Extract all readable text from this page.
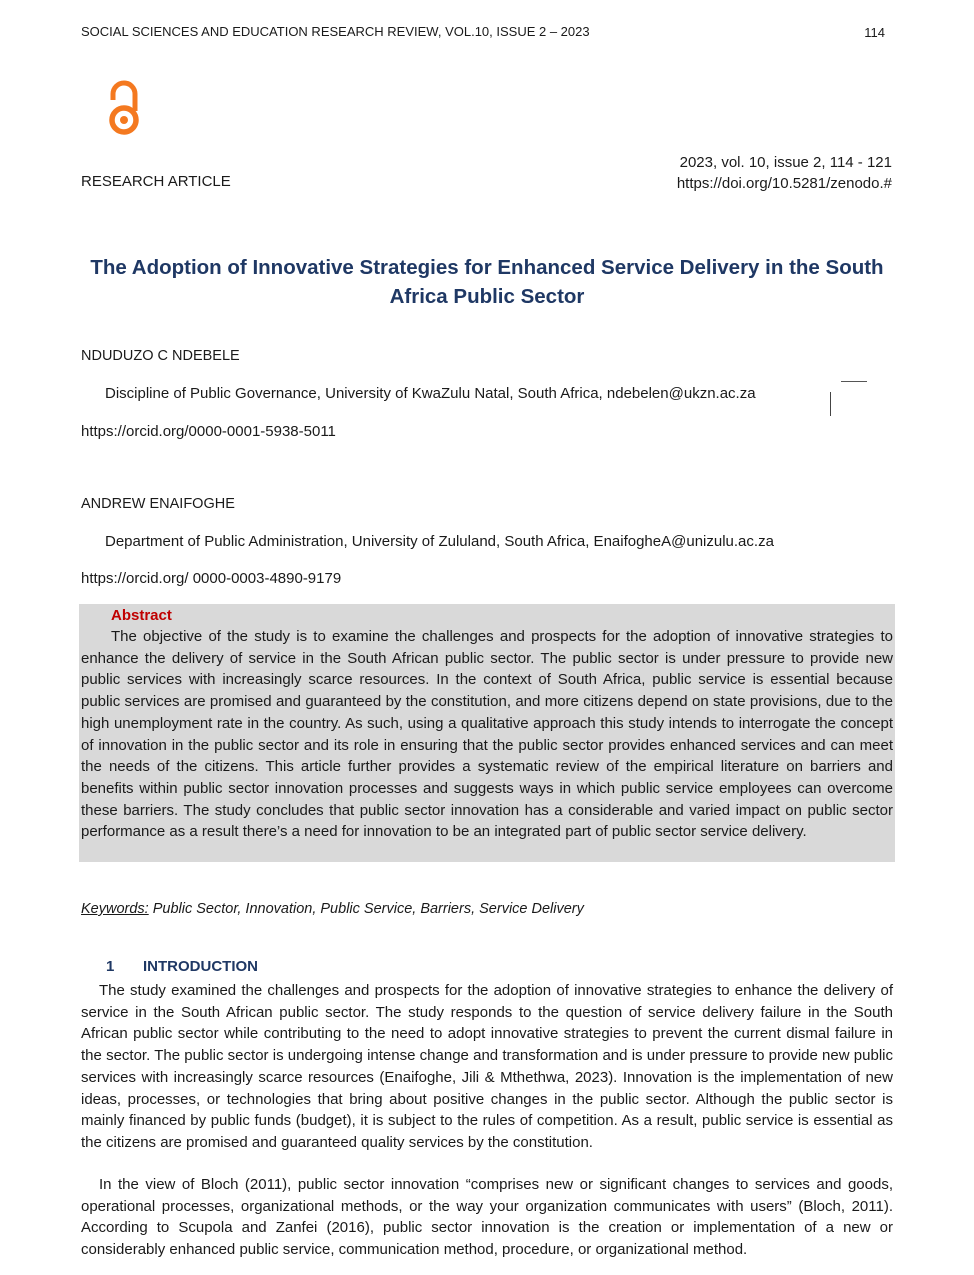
SOCIAL SCIENCES AND EDUCATION RESEARCH REVIEW, VOL.10, ISSUE 2 – 2023	114
RESEARCH ARTICLE
2023, vol. 10, issue 2, 114 - 121
https://doi.org/10.5281/zenodo.#
The Adoption of Innovative Strategies for Enhanced Service Delivery in the South Africa Public Sector
NDUDUZO C NDEBELE
Discipline of Public Governance, University of KwaZulu Natal, South Africa, ndebelen@ukzn.ac.za
https://orcid.org/0000-0001-5938-5011
ANDREW ENAIFOGHE
Department of Public Administration, University of Zululand, South Africa, EnaifogheA@unizulu.ac.za
https://orcid.org/ 0000-0003-4890-9179
Abstract
The objective of the study is to examine the challenges and prospects for the adoption of innovative strategies to enhance the delivery of service in the South African public sector. The public sector is under pressure to provide new public services with increasingly scarce resources. In the context of South Africa, public service is essential because public services are promised and guaranteed by the constitution, and more citizens depend on state provisions, due to the high unemployment rate in the country. As such, using a qualitative approach this study intends to interrogate the concept of innovation in the public sector and its role in ensuring that the public sector provides enhanced services and can meet the needs of the citizens. This article further provides a systematic review of the empirical literature on barriers and benefits within public sector innovation processes and suggests ways in which public service employees can overcome these barriers. The study concludes that public sector innovation has a considerable and varied impact on public sector performance as a result there’s a need for innovation to be an integrated part of public sector service delivery.
Keywords: Public Sector, Innovation, Public Service, Barriers, Service Delivery
1 INTRODUCTION
The study examined the challenges and prospects for the adoption of innovative strategies to enhance the delivery of service in the South African public sector. The study responds to the question of service delivery failure in the South African public sector while contributing to the need to adopt innovative strategies to prevent the current dismal failure in the sector. The public sector is undergoing intense change and transformation and is under pressure to provide new public services with increasingly scarce resources (Enaifoghe, Jili & Mthethwa, 2023). Innovation is the implementation of new ideas, processes, or technologies that bring about positive changes in the public sector. Although the public sector is mainly financed by public funds (budget), it is subject to the rules of competition. As a result, public service is essential as the citizens are promised and guaranteed quality services by the constitution.
In the view of Bloch (2011), public sector innovation “comprises new or significant changes to services and goods, operational processes, organizational methods, or the way your organization communicates with users” (Bloch, 2011). According to Scupola and Zanfei (2016), public sector innovation is the creation or implementation of a new or considerably enhanced public service, communication method, procedure, or organizational method.
